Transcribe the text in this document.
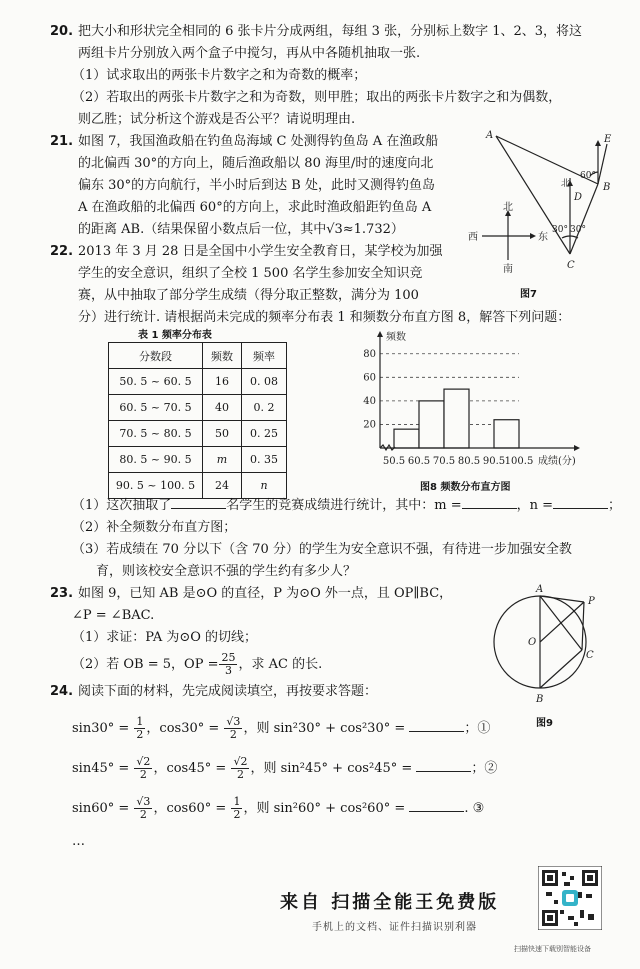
20. 把大小和形状完全相同的 6 张卡片分成两组，每组 3 张，分别标上数字 1、2、3，将这
两组卡片分别放入两个盒子中搅匀，再从中各随机抽取一张.
（1）试求取出的两张卡片数字之和为奇数的概率；
（2）若取出的两张卡片数字之和为奇数，则甲胜；取出的两张卡片数字之和为偶数，
则乙胜；试分析这个游戏是否公平？请说明理由.
21. 如图 7，我国渔政船在钓鱼岛海域 C 处测得钓鱼岛 A 在渔政船
的北偏西 30°的方向上，随后渔政船以 80 海里/时的速度向北
偏东 30°的方向航行，半小时后到达 B 处，此时又测得钓鱼岛
A 在渔政船的北偏西 60°的方向上，求此时渔政船距钓鱼岛 A
的距离 AB.（结果保留小数点后一位，其中√3≈1.732）
A
B
C
D
E
北
60°
30° 30°
北
南
西	东
图7
22. 2013 年 3 月 28 日是全国中小学生安全教育日，某学校为加强
学生的安全意识，组织了全校 1 500 名学生参加安全知识竞
赛，从中抽取了部分学生成绩（得分取正整数，满分为 100
分）进行统计. 请根据尚未完成的频率分布表 1 和频数分布直方图 8，解答下列问题：
表 1 频率分布表
分数段	频数	频率
50. 5 ~ 60. 5	16	0. 08
60. 5 ~ 70. 5	40	0. 2
70. 5 ~ 80. 5	50	0. 25
80. 5 ~ 90. 5	m	0. 35
90. 5 ~ 100. 5	24	n
频数
成绩(分)
20
40
60
80
50.5 60.5 70.5 80.5 90.5 100.5
图8 频数分布直方图
（1）这次抽取了	名学生的竞赛成绩进行统计，其中：m =	，n =	；
（2）补全频数分布直方图；
（3）若成绩在 70 分以下（含 70 分）的学生为安全意识不强，有待进一步加强安全教
育，则该校安全意识不强的学生约有多少人？
23. 如图 9，已知 AB 是⊙O 的直径，P 为⊙O 外一点，且 OP∥BC，
∠P = ∠BAC.
（1）求证：PA 为⊙O 的切线；
（2）若 OB = 5，OP = $\frac{25}{3}$ ，求 AC 的长.
A
P
O
C
B
图9
24. 阅读下面的材料，先完成阅读填空，再按要求答题：
$\sin 30^\circ = \frac{1}{2}$ ，$\cos 30^\circ = \frac{√3}{2}$ ，则 sin²30° + cos²30° =	；①
$\sin 45^\circ = \frac{√2}{2}$ ，$\cos 45^\circ = \frac{√2}{2}$ ，则 sin²45° + cos²45° =	；②
$\sin 60^\circ = \frac{√3}{2}$ ，$\cos 60^\circ = \frac{1}{2}$ ，则 sin²60° + cos²60° =	. ③
…
来自 扫描全能王免费版
手机上的文档、证件扫描识别利器
扫描快速下载别智能设备
